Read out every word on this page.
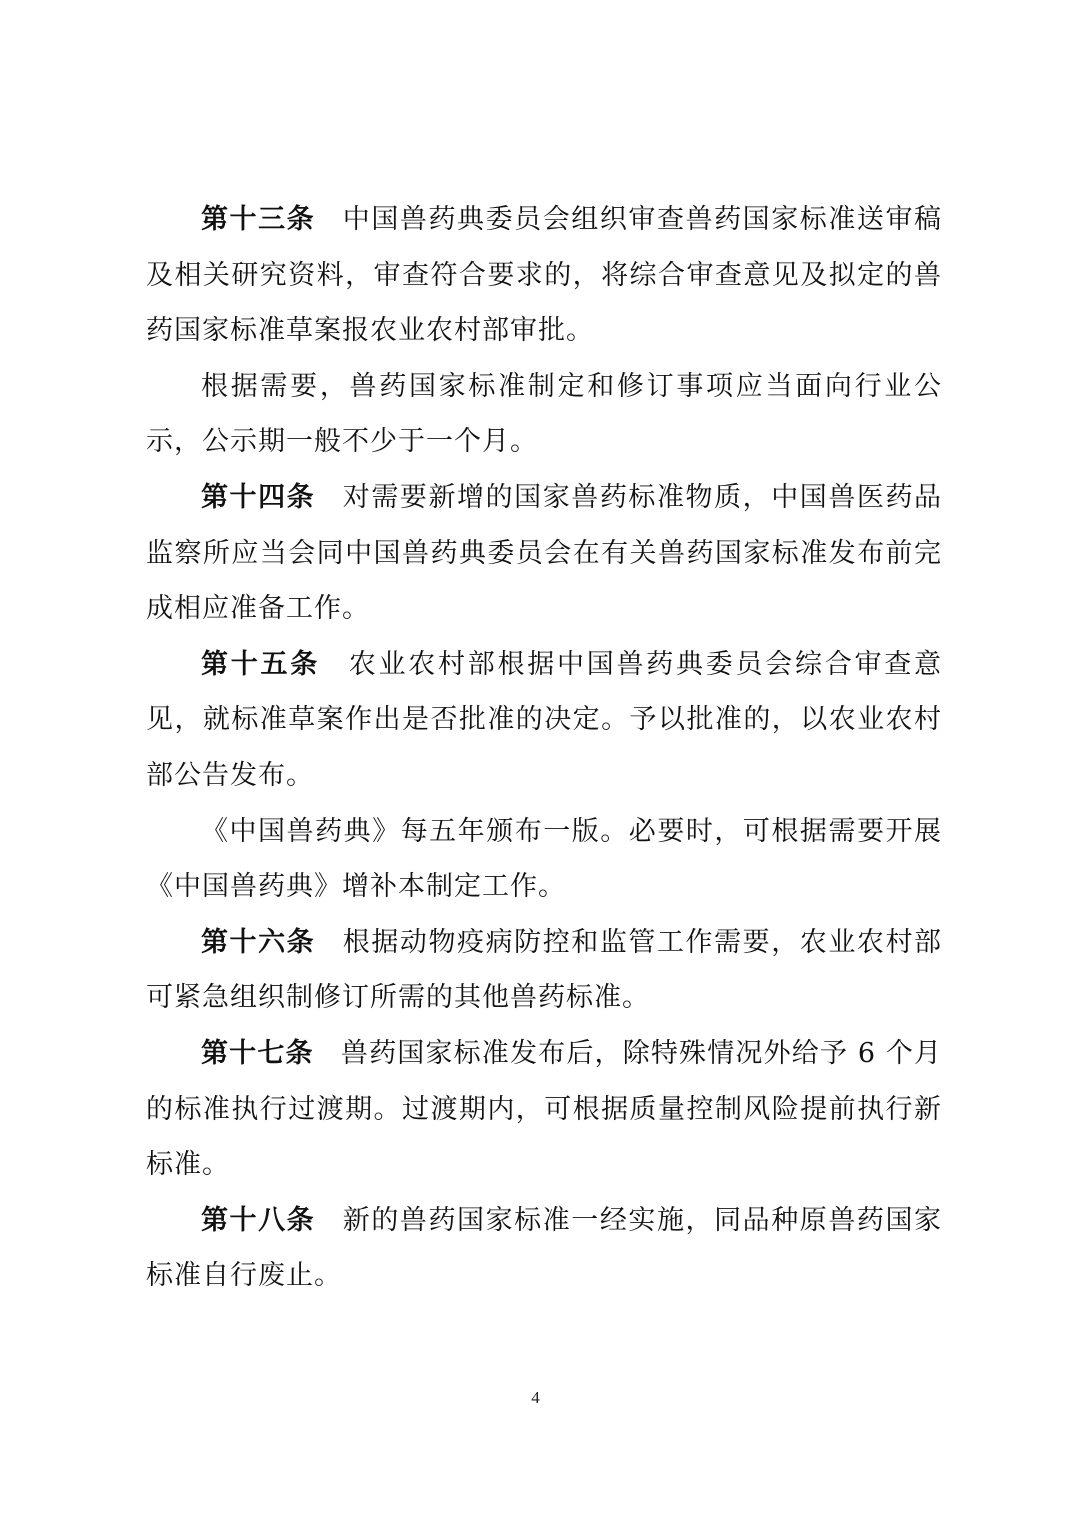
第十三条 中国兽药典委员会组织审查兽药国家标准送审稿及相关研究资料，审查符合要求的，将综合审查意见及拟定的兽药国家标准草案报农业农村部审批。

根据需要，兽药国家标准制定和修订事项应当面向行业公示，公示期一般不少于一个月。

第十四条 对需要新增的国家兽药标准物质，中国兽医药品监察所应当会同中国兽药典委员会在有关兽药国家标准发布前完成相应准备工作。

第十五条 农业农村部根据中国兽药典委员会综合审查意见，就标准草案作出是否批准的决定。予以批准的，以农业农村部公告发布。

《中国兽药典》每五年颁布一版。必要时，可根据需要开展《中国兽药典》增补本制定工作。

第十六条 根据动物疫病防控和监管工作需要，农业农村部可紧急组织制修订所需的其他兽药标准。

第十七条 兽药国家标准发布后，除特殊情况外给予 6 个月的标准执行过渡期。过渡期内，可根据质量控制风险提前执行新标准。

第十八条 新的兽药国家标准一经实施，同品种原兽药国家标准自行废止。

4
